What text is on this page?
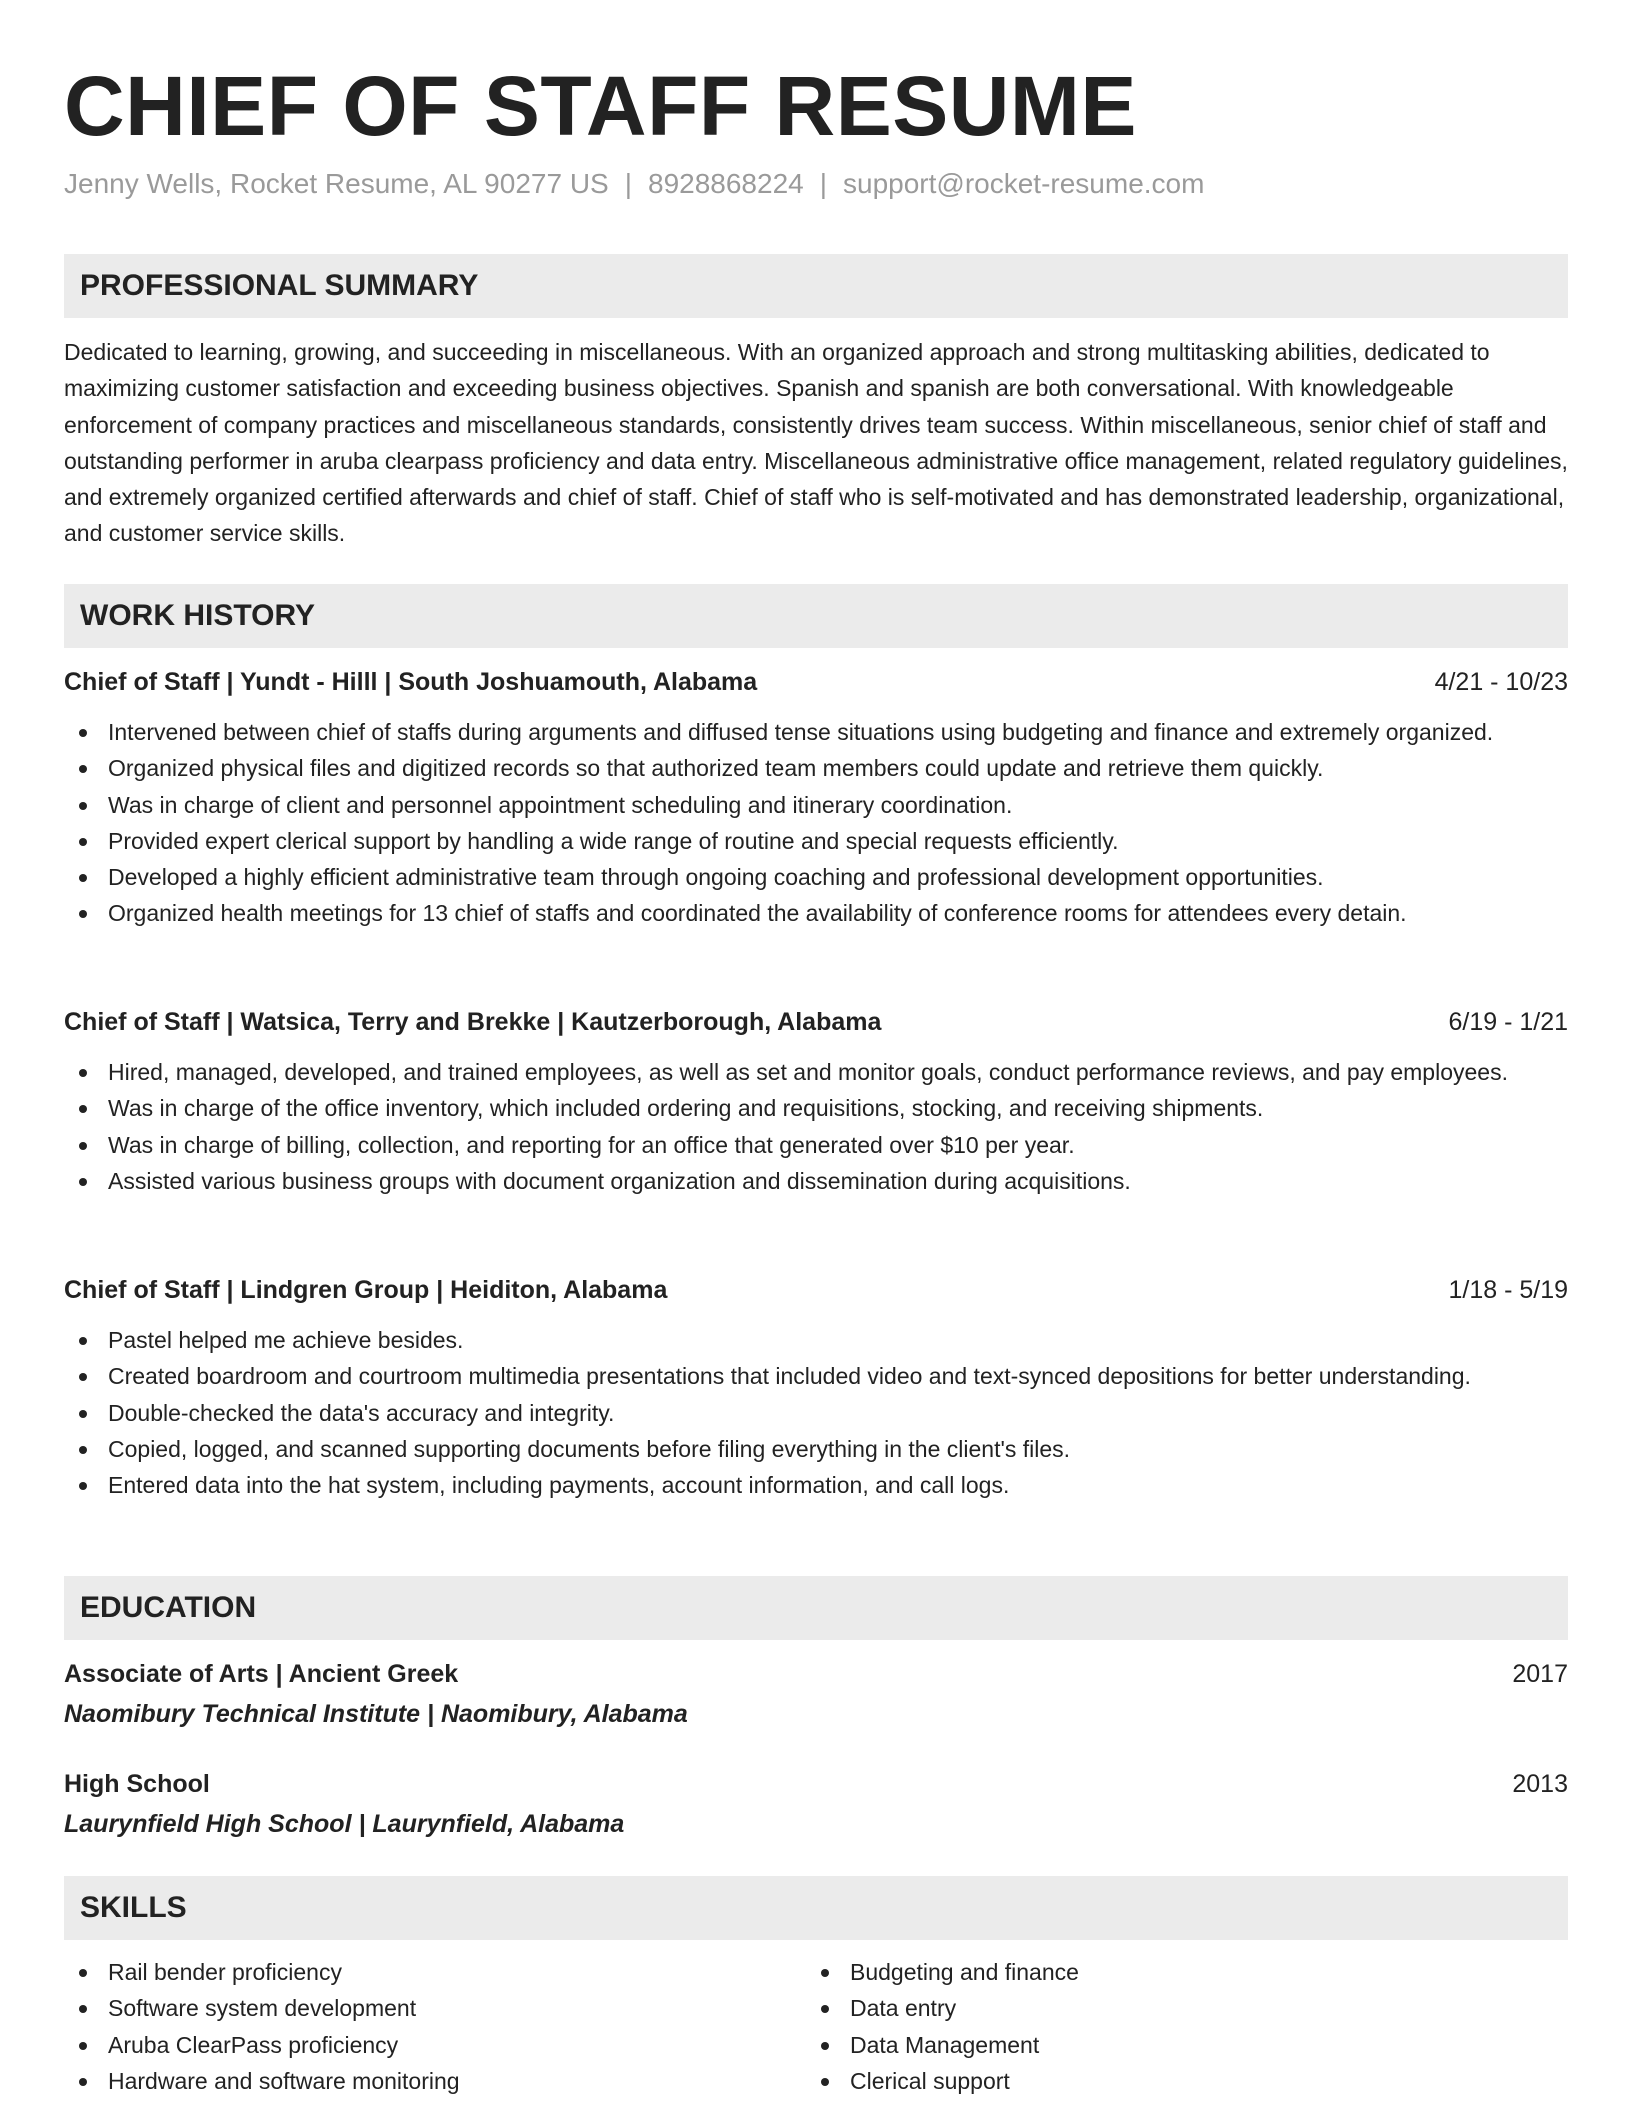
CHIEF OF STAFF RESUME
Jenny Wells, Rocket Resume, AL 90277 US | 8928868224 | support@rocket-resume.com
PROFESSIONAL SUMMARY

Dedicated to learning, growing, and succeeding in miscellaneous. With an organized approach and strong multitasking abilities, dedicated to maximizing customer satisfaction and exceeding business objectives. Spanish and spanish are both conversational. With knowledgeable enforcement of company practices and miscellaneous standards, consistently drives team success. Within miscellaneous, senior chief of staff and outstanding performer in aruba clearpass proficiency and data entry. Miscellaneous administrative office management, related regulatory guidelines, and extremely organized certified afterwards and chief of staff. Chief of staff who is self-motivated and has demonstrated leadership, organizational, and customer service skills.

WORK HISTORY
Chief of Staff | Yundt - Hilll | South Joshuamouth, Alabama	4/21 - 10/23
Intervened between chief of staffs during arguments and diffused tense situations using budgeting and finance and extremely organized.
Organized physical files and digitized records so that authorized team members could update and retrieve them quickly.
Was in charge of client and personnel appointment scheduling and itinerary coordination.
Provided expert clerical support by handling a wide range of routine and special requests efficiently.
Developed a highly efficient administrative team through ongoing coaching and professional development opportunities.
Organized health meetings for 13 chief of staffs and coordinated the availability of conference rooms for attendees every detain.
Chief of Staff | Watsica, Terry and Brekke | Kautzerborough, Alabama	6/19 - 1/21
Hired, managed, developed, and trained employees, as well as set and monitor goals, conduct performance reviews, and pay employees.
Was in charge of the office inventory, which included ordering and requisitions, stocking, and receiving shipments.
Was in charge of billing, collection, and reporting for an office that generated over $10 per year.
Assisted various business groups with document organization and dissemination during acquisitions.
Chief of Staff | Lindgren Group | Heiditon, Alabama	1/18 - 5/19
Pastel helped me achieve besides.
Created boardroom and courtroom multimedia presentations that included video and text-synced depositions for better understanding.
Double-checked the data's accuracy and integrity.
Copied, logged, and scanned supporting documents before filing everything in the client's files.
Entered data into the hat system, including payments, account information, and call logs.
EDUCATION
Associate of Arts | Ancient Greek	2017
Naomibury Technical Institute | Naomibury, Alabama
High School	2013
Laurynfield High School | Laurynfield, Alabama
SKILLS
Rail bender proficiency
Software system development
Aruba ClearPass proficiency
Hardware and software monitoring
Budgeting and finance
Data entry
Data Management
Clerical support
